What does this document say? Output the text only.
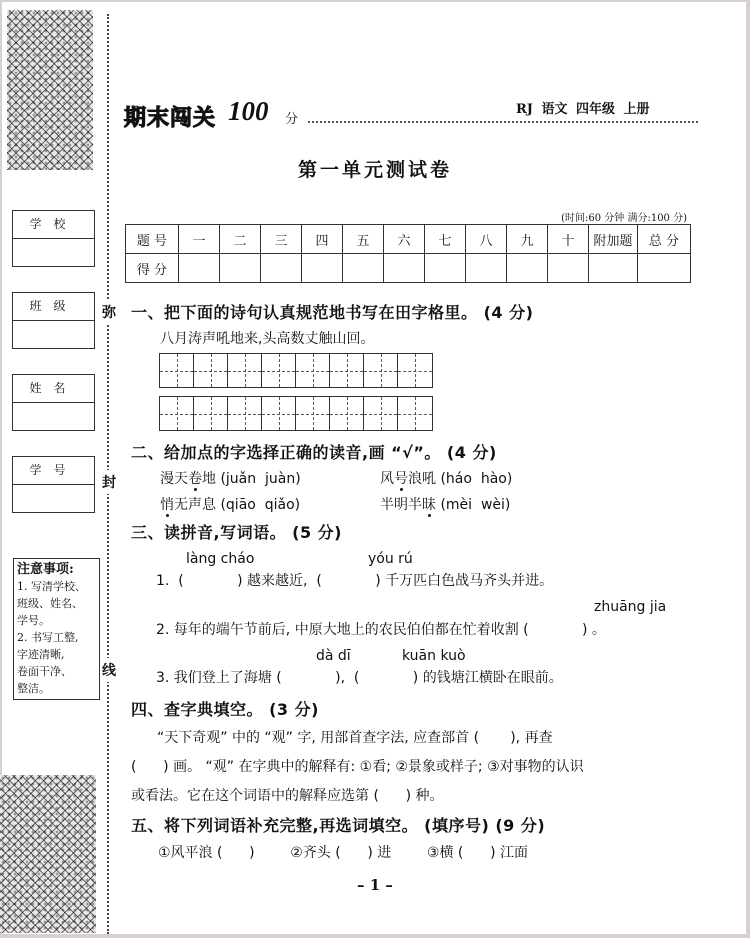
弥
封
线
学校
班级
姓名
学号
注意事项:
1. 写清学校、
班级、姓名、
学号。
2. 书写工整,
字迹清晰,
卷面干净、
整洁。
期末闯关 100 分
RJ 语文 四年级 上册
第一单元测试卷
(时间:60 分钟 满分:100 分)
题 号	一	二	三	四	五	六	七	八	九	十	附加题	总 分
得 分												
一、把下面的诗句认真规范地书写在田字格里。 (4 分)
八月涛声吼地来,头高数丈触山回。
二、给加点的字选择正确的读音,画 “√”。 (4 分)
漫天卷地 (juǎn  juàn)	风号浪吼 (háo  hào)
悄无声息 (qiāo  qiǎo)	半明半昧 (mèi  wèi)
三、读拼音,写词语。 (5 分)
làng cháo	yóu rú
1.  (            ) 越来越近,  (            ) 千万匹白色战马齐头并进。
zhuāng jia
2. 每年的端午节前后, 中原大地上的农民伯伯都在忙着收割 (            ) 。
dà dī	kuān kuò
3. 我们登上了海塘 (            ),  (            ) 的钱塘江横卧在眼前。
四、查字典填空。 (3 分)
“天下奇观” 中的 “观” 字, 用部首查字法, 应查部首 (       ), 再查
(      ) 画。 “观” 在字典中的解释有: ①看; ②景象或样子; ③对事物的认识
或看法。它在这个词语中的解释应选第 (      ) 种。
五、将下列词语补充完整,再选词填空。 (填序号) (9 分)
①风平浪 (      )        ②齐头 (      ) 进        ③横 (      ) 江面
– 1 –
